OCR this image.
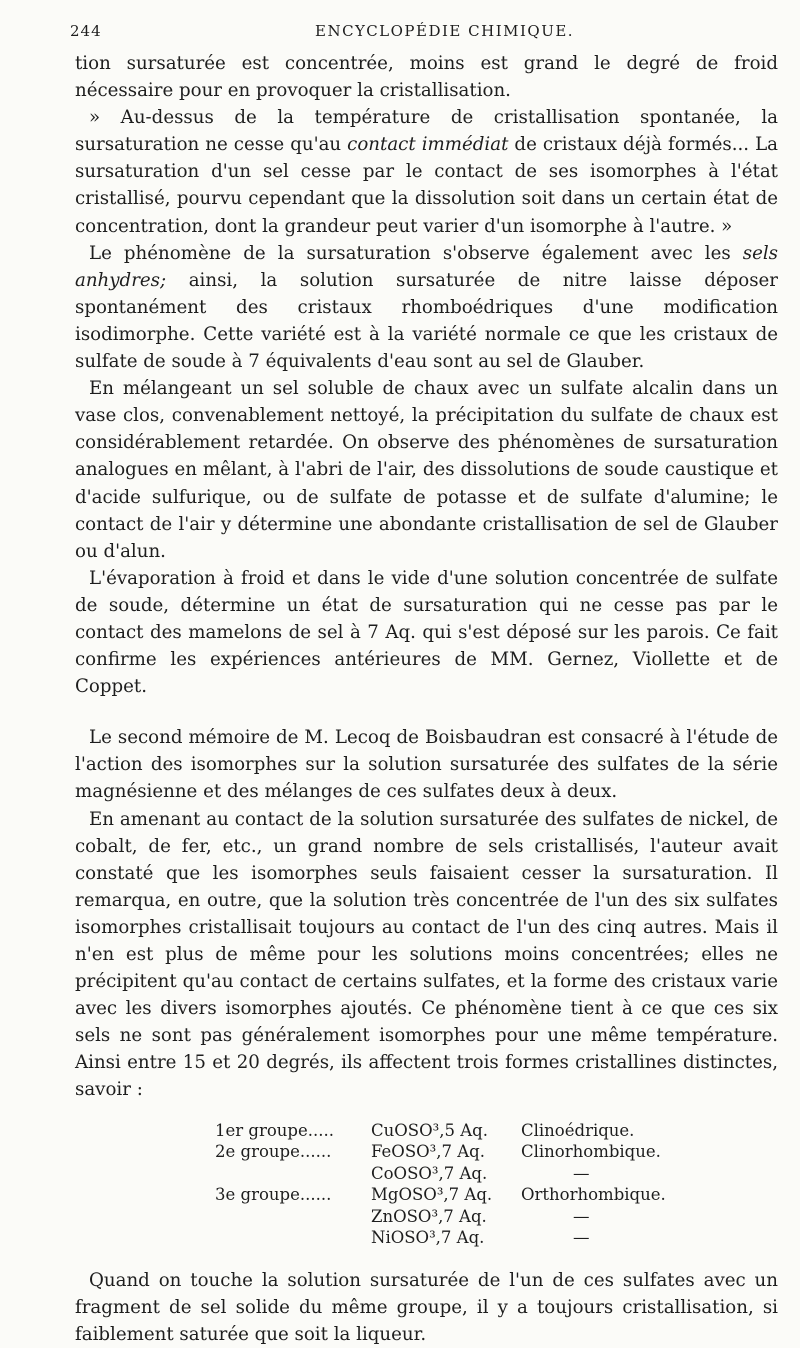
244	ENCYCLOPÉDIE CHIMIQUE.

tion sursaturée est concentrée, moins est grand le degré de froid nécessaire pour en provoquer la cristallisation.

» Au-dessus de la température de cristallisation spontanée, la sursaturation ne cesse qu'au contact immédiat de cristaux déjà formés... La sursaturation d'un sel cesse par le contact de ses isomorphes à l'état cristallisé, pourvu cependant que la dissolution soit dans un certain état de concentration, dont la grandeur peut varier d'un isomorphe à l'autre. »

Le phénomène de la sursaturation s'observe également avec les sels anhydres; ainsi, la solution sursaturée de nitre laisse déposer spontanément des cristaux rhomboédriques d'une modification isodimorphe. Cette variété est à la variété normale ce que les cristaux de sulfate de soude à 7 équivalents d'eau sont au sel de Glauber.

En mélangeant un sel soluble de chaux avec un sulfate alcalin dans un vase clos, convenablement nettoyé, la précipitation du sulfate de chaux est considérablement retardée. On observe des phénomènes de sursaturation analogues en mêlant, à l'abri de l'air, des dissolutions de soude caustique et d'acide sulfurique, ou de sulfate de potasse et de sulfate d'alumine; le contact de l'air y détermine une abondante cristallisation de sel de Glauber ou d'alun.

L'évaporation à froid et dans le vide d'une solution concentrée de sulfate de soude, détermine un état de sursaturation qui ne cesse pas par le contact des mamelons de sel à 7 Aq. qui s'est déposé sur les parois. Ce fait confirme les expériences antérieures de MM. Gernez, Viollette et de Coppet.

Le second mémoire de M. Lecoq de Boisbaudran est consacré à l'étude de l'action des isomorphes sur la solution sursaturée des sulfates de la série magnésienne et des mélanges de ces sulfates deux à deux.

En amenant au contact de la solution sursaturée des sulfates de nickel, de cobalt, de fer, etc., un grand nombre de sels cristallisés, l'auteur avait constaté que les isomorphes seuls faisaient cesser la sursaturation. Il remarqua, en outre, que la solution très concentrée de l'un des six sulfates isomorphes cristallisait toujours au contact de l'un des cinq autres. Mais il n'en est plus de même pour les solutions moins concentrées; elles ne précipitent qu'au contact de certains sulfates, et la forme des cristaux varie avec les divers isomorphes ajoutés. Ce phénomène tient à ce que ces six sels ne sont pas généralement isomorphes pour une même température. Ainsi entre 15 et 20 degrés, ils affectent trois formes cristallines distinctes, savoir :

1er groupe.....	CuOSO³,5 Aq.	Clinoédrique.
2e groupe......	FeOSO³,7 Aq.	Clinorhombique.
	CoOSO³,7 Aq.	—
3e groupe......	MgOSO³,7 Aq.	Orthorhombique.
	ZnOSO³,7 Aq.	—
	NiOSO³,7 Aq.	—

Quand on touche la solution sursaturée de l'un de ces sulfates avec un fragment de sel solide du même groupe, il y a toujours cristallisation, si faiblement saturée que soit la liqueur.
